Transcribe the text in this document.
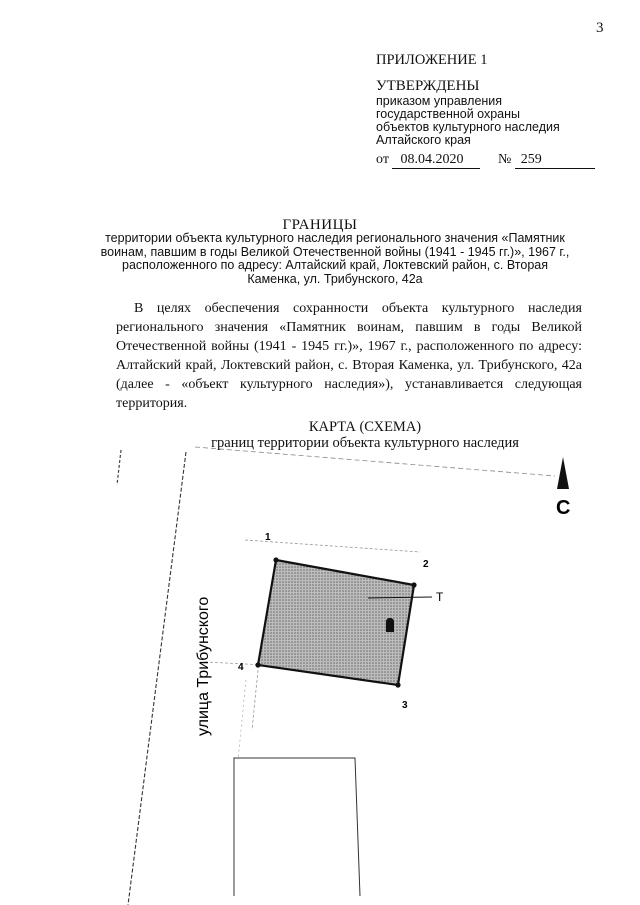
3
ПРИЛОЖЕНИЕ 1
УТВЕРЖДЕНЫ
приказом управления
государственной охраны
объектов культурного наследия
Алтайского края
от 08.04.2020 № 259
ГРАНИЦЫ
территории объекта культурного наследия регионального значения «Памятник воинам, павшим в годы Великой Отечественной войны (1941 - 1945 гг.)», 1967 г., расположенного по адресу: Алтайский край, Локтевский район, с. Вторая Каменка, ул. Трибунского, 42а
В целях обеспечения сохранности объекта культурного наследия регионального значения «Памятник воинам, павшим в годы Великой Отечественной войны (1941 - 1945 гг.)», 1967 г., расположенного по адресу: Алтайский край, Локтевский район, с. Вторая Каменка, ул. Трибунского, 42а (далее - «объект культурного наследия»), устанавливается следующая территория.
КАРТА (СХЕМА)
границ территории объекта культурного наследия
1
2
3
4
Т
С
улица Трибунского
